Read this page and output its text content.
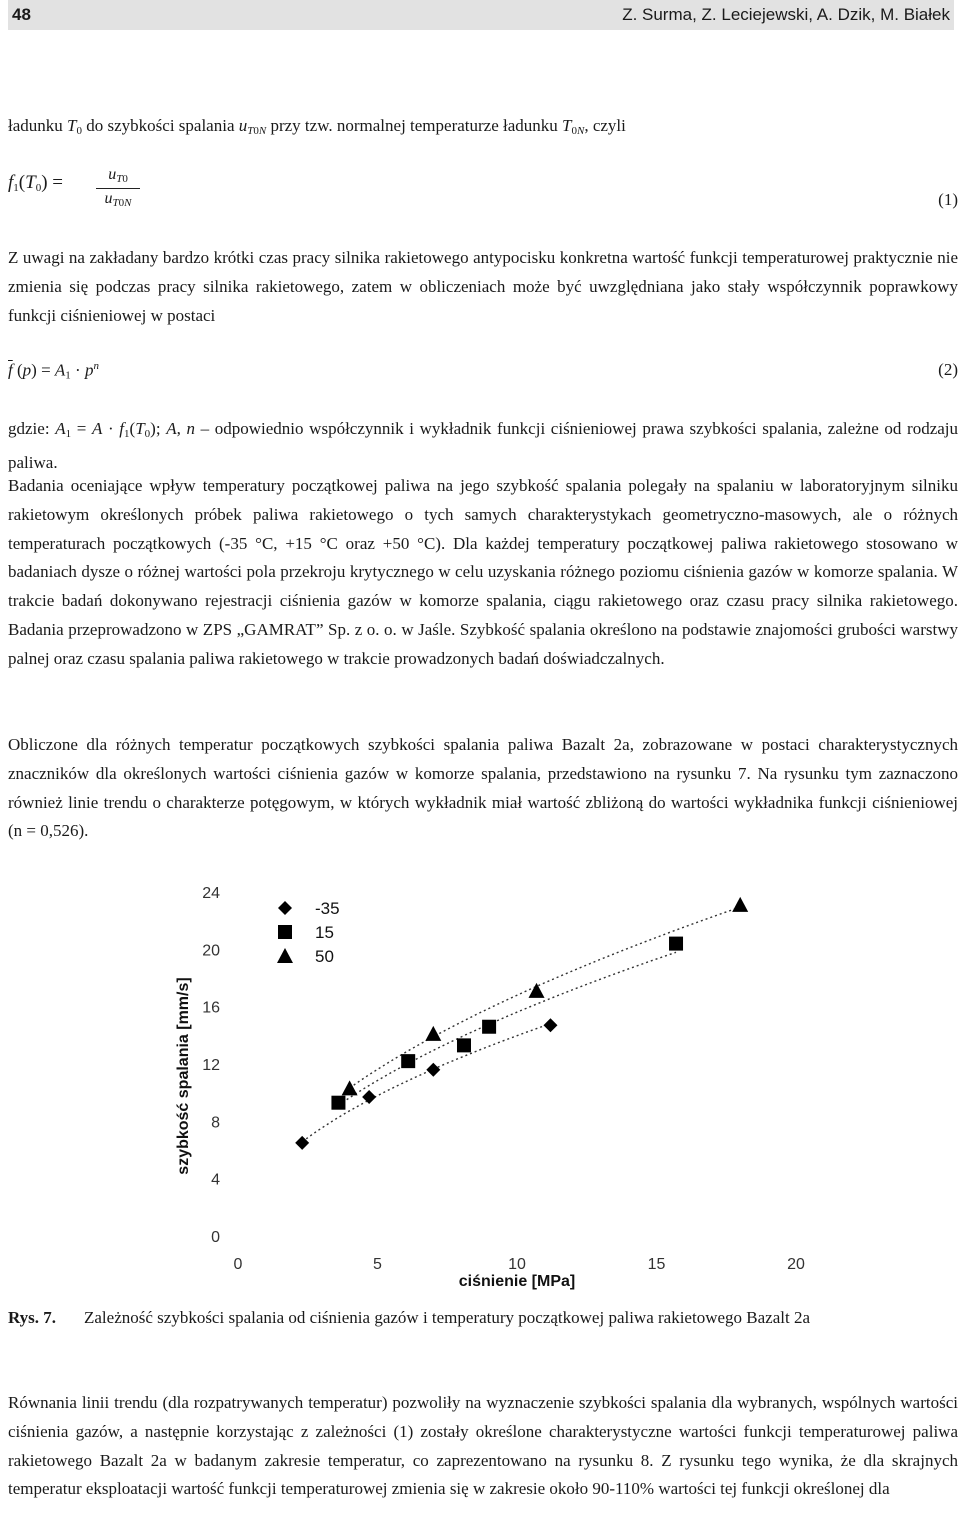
48	Z. Surma, Z. Leciejewski, A. Dzik, M. Białek
ładunku $T_0$ do szybkości spalania $u_{T0N}$ przy tzw. normalnej temperaturze ładunku $T_{0N}$, czyli
$f_1(T_0)$ =	$u_{T0}$
$u_{T0N}$	(1)

Z uwagi na zakładany bardzo krótki czas pracy silnika rakietowego antypocisku konkretna wartość funkcji temperaturowej praktycznie nie zmienia się podczas pracy silnika rakietowego, zatem w obliczeniach może być uwzględniana jako stały współczynnik poprawkowy funkcji ciśnieniowej w postaci

$\overline{f}$ $(p) = A_1 \cdot p^n$	(2)

gdzie: $A_1 = A \cdot f_1(T_0)$; A, n – odpowiednio współczynnik i wykładnik funkcji ciśnieniowej prawa szybkości spalania, zależne od rodzaju paliwa.

Badania oceniające wpływ temperatury początkowej paliwa na jego szybkość spalania polegały na spalaniu w laboratoryjnym silniku rakietowym określonych próbek paliwa rakietowego o tych samych charakterystykach geometryczno-masowych, ale o różnych temperaturach początkowych (-35 °C, +15 °C oraz +50 °C). Dla każdej temperatury początkowej paliwa rakietowego stosowano w badaniach dysze o różnej wartości pola przekroju krytycznego w celu uzyskania różnego poziomu ciśnienia gazów w komorze spalania. W trakcie badań dokonywano rejestracji ciśnienia gazów w komorze spalania, ciągu rakietowego oraz czasu pracy silnika rakietowego. Badania przeprowadzono w ZPS „GAMRAT” Sp. z o. o. w Jaśle. Szybkość spalania określono na podstawie znajomości grubości warstwy palnej oraz czasu spalania paliwa rakietowego w trakcie prowadzonych badań doświadczalnych.

Obliczone dla różnych temperatur początkowych szybkości spalania paliwa Bazalt 2a, zobrazowane w postaci charakterystycznych znaczników dla określonych wartości ciśnienia gazów w komorze spalania, przedstawiono na rysunku 7. Na rysunku tym zaznaczono również linie trendu o charakterze potęgowym, w których wykładnik miał wartość zbliżoną do wartości wykładnika funkcji ciśnieniowej (n = 0,526).

szybkość spalania [mm/s]
ciśnienie [MPa]
0	5	10	15	20
0
4
8
12
16
20
24
-35
15
50
Rys. 7. Zależność szybkości spalania od ciśnienia gazów i temperatury początkowej paliwa rakietowego Bazalt 2a

Równania linii trendu (dla rozpatrywanych temperatur) pozwoliły na wyznaczenie szybkości spalania dla wybranych, wspólnych wartości ciśnienia gazów, a następnie korzystając z zależności (1) zostały określone charakterystyczne wartości funkcji temperaturowej paliwa rakietowego Bazalt 2a w badanym zakresie temperatur, co zaprezentowano na rysunku 8. Z rysunku tego wynika, że dla skrajnych temperatur eksploatacji wartość funkcji temperaturowej zmienia się w zakresie około 90-110% wartości tej funkcji określonej dla
